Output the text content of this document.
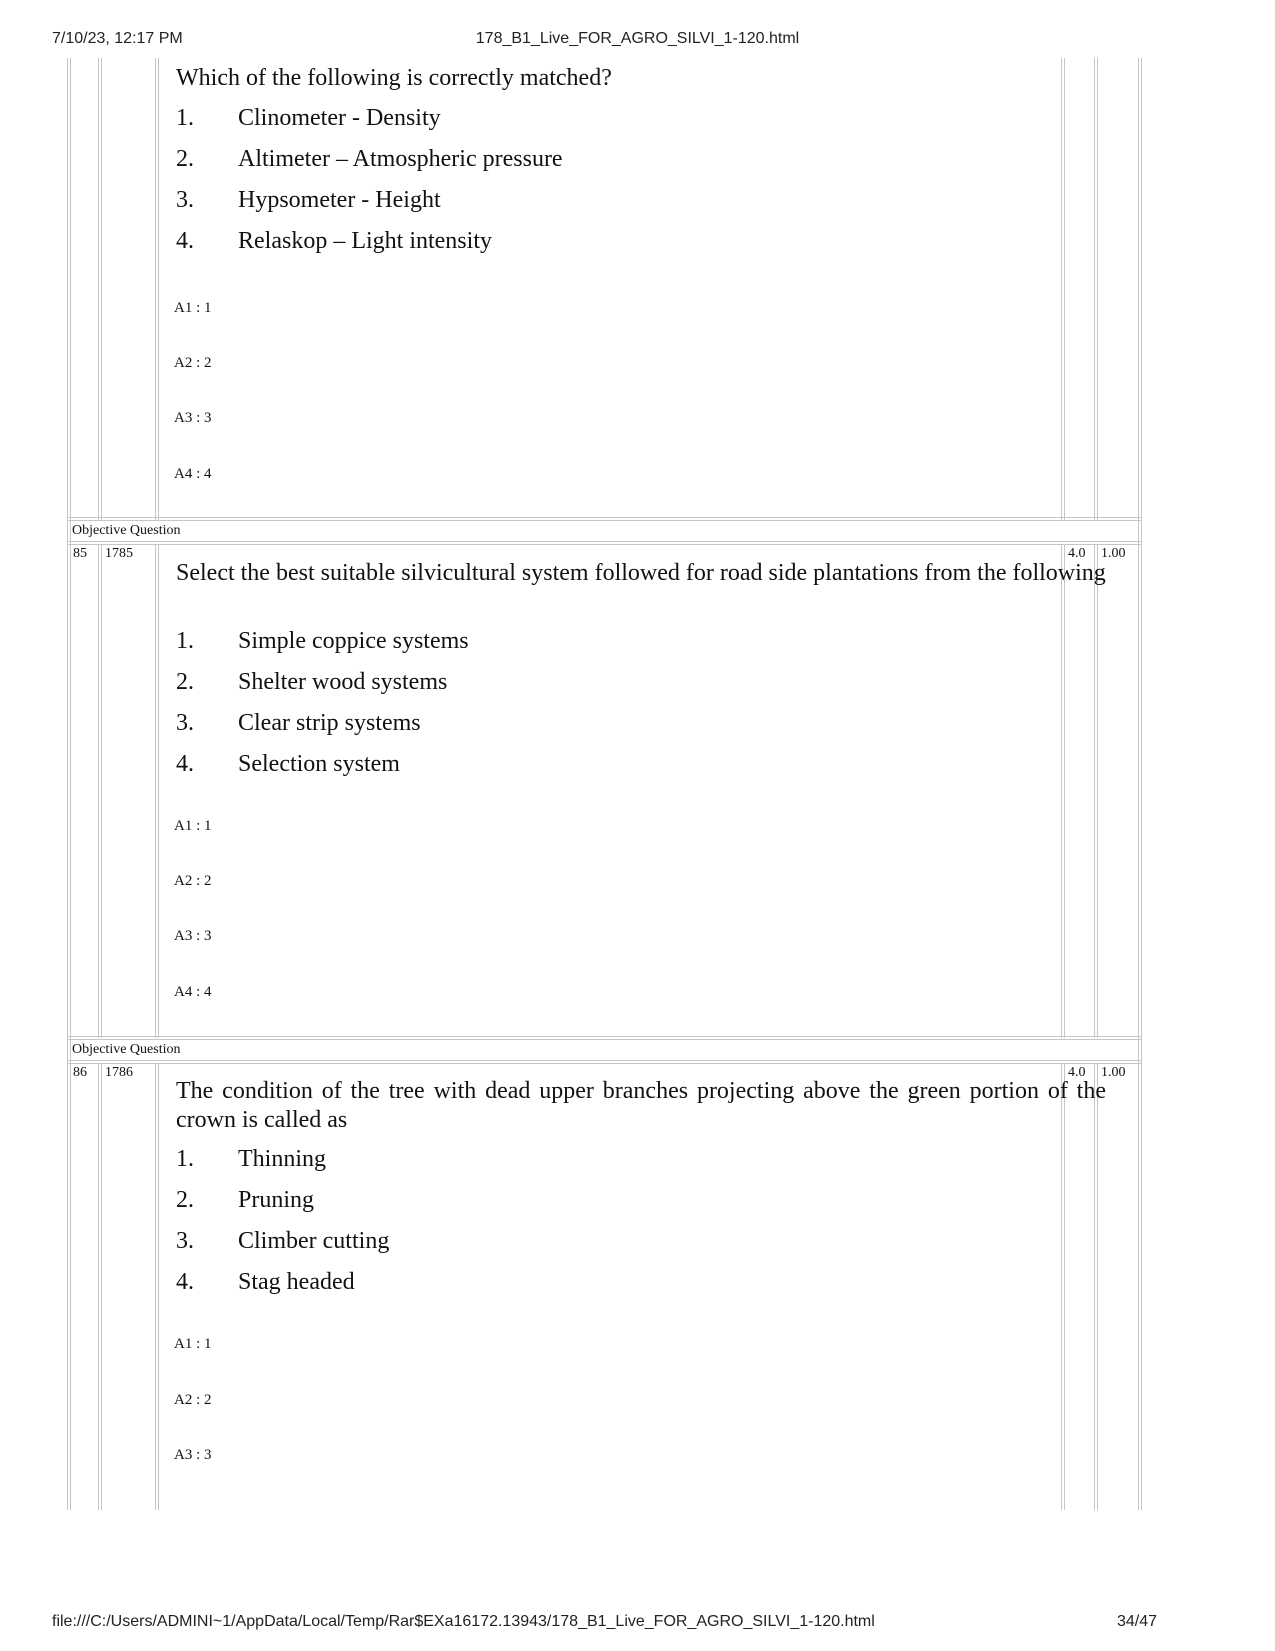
7/10/23, 12:17 PM	178_B1_Live_FOR_AGRO_SILVI_1-120.html
Which of the following is correctly matched?
1. Clinometer - Density
2. Altimeter – Atmospheric pressure
3. Hypsometer - Height
4. Relaskop – Light intensity
A1 : 1
A2 : 2
A3 : 3
A4 : 4
Objective Question
85 1785	4.0 1.00
Select the best suitable silvicultural system followed for road side plantations from the following
1. Simple coppice systems
2. Shelter wood systems
3. Clear strip systems
4. Selection system
A1 : 1
A2 : 2
A3 : 3
A4 : 4
Objective Question
86 1786	4.0 1.00
The condition of the tree with dead upper branches projecting above the green portion of the crown is called as
1. Thinning
2. Pruning
3. Climber cutting
4. Stag headed
A1 : 1
A2 : 2
A3 : 3
file:///C:/Users/ADMINI~1/AppData/Local/Temp/Rar$EXa16172.13943/178_B1_Live_FOR_AGRO_SILVI_1-120.html	34/47
